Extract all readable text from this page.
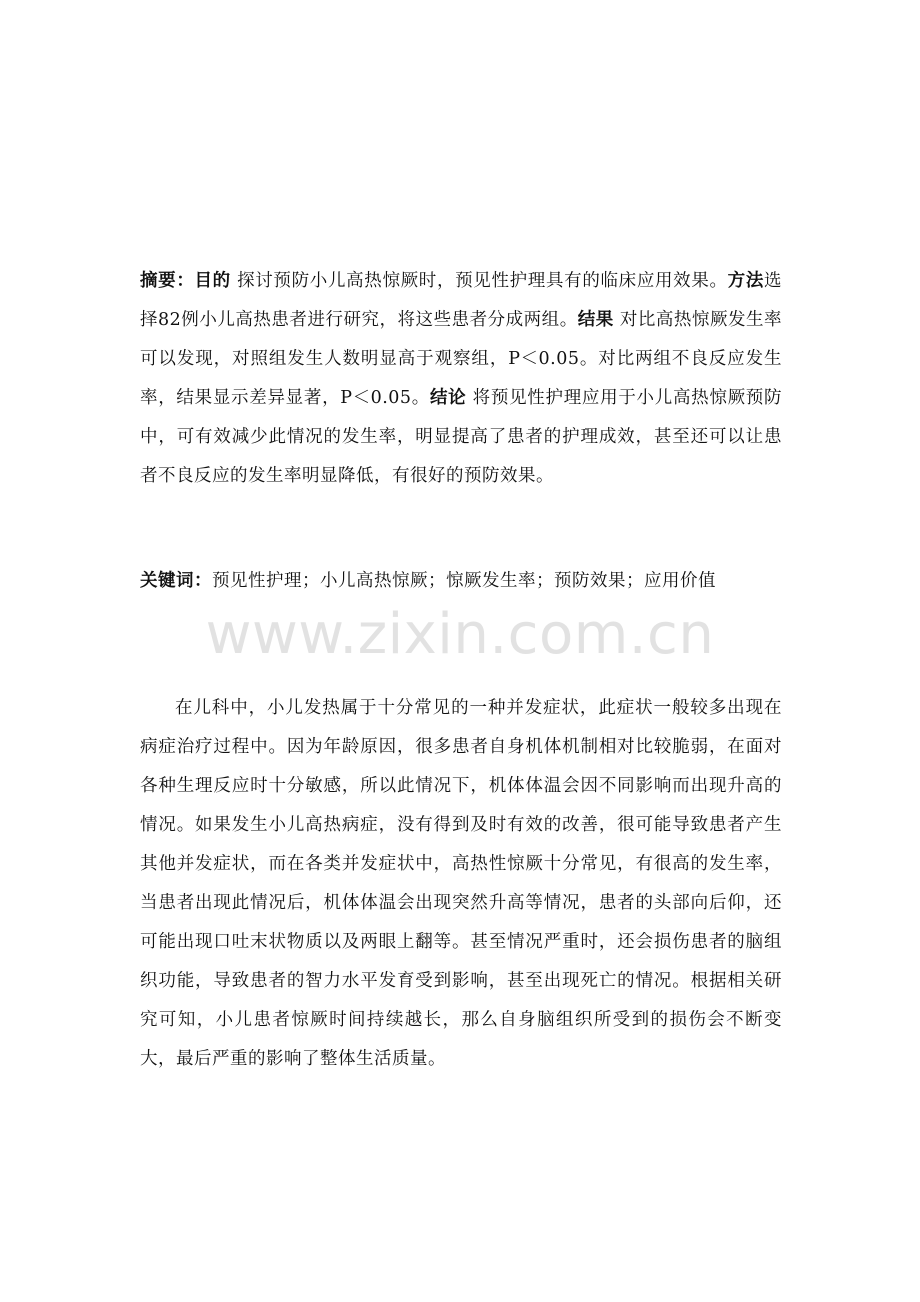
摘要：目的 探讨预防小儿高热惊厥时，预见性护理具有的临床应用效果。方法选择82例小儿高热患者进行研究，将这些患者分成两组。结果 对比高热惊厥发生率可以发现，对照组发生人数明显高于观察组，P＜0.05。对比两组不良反应发生率，结果显示差异显著，P＜0.05。结论 将预见性护理应用于小儿高热惊厥预防中，可有效减少此情况的发生率，明显提高了患者的护理成效，甚至还可以让患者不良反应的发生率明显降低，有很好的预防效果。

关键词：预见性护理；小儿高热惊厥；惊厥发生率；预防效果；应用价值

www.zixin.com.cn

在儿科中，小儿发热属于十分常见的一种并发症状，此症状一般较多出现在病症治疗过程中。因为年龄原因，很多患者自身机体机制相对比较脆弱，在面对各种生理反应时十分敏感，所以此情况下，机体体温会因不同影响而出现升高的情况。如果发生小儿高热病症，没有得到及时有效的改善，很可能导致患者产生其他并发症状，而在各类并发症状中，高热性惊厥十分常见，有很高的发生率，当患者出现此情况后，机体体温会出现突然升高等情况，患者的头部向后仰，还可能出现口吐末状物质以及两眼上翻等。甚至情况严重时，还会损伤患者的脑组织功能，导致患者的智力水平发育受到影响，甚至出现死亡的情况。根据相关研究可知，小儿患者惊厥时间持续越长，那么自身脑组织所受到的损伤会不断变大，最后严重的影响了整体生活质量。
